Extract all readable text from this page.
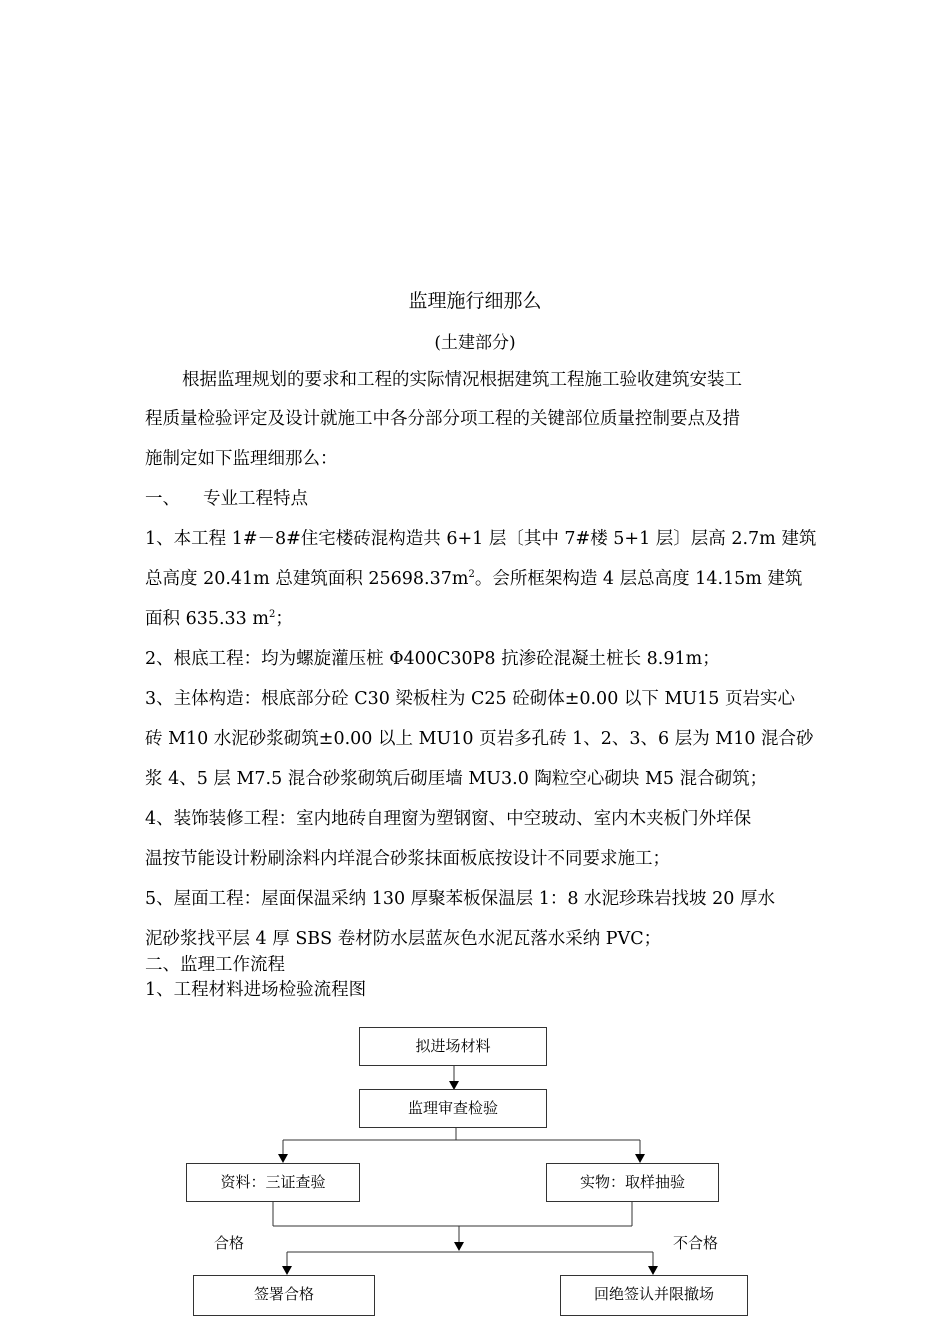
监理施行细那么
(土建部分)
根据监理规划的要求和工程的实际情况根据建筑工程施工验收建筑安装工
程质量检验评定及设计就施工中各分部分项工程的关键部位质量控制要点及措
施制定如下监理细那么：
一、 专业工程特点
1、本工程 1#－8#住宅楼砖混构造共 6+1 层〔其中 7#楼 5+1 层〕层高 2.7m 建筑
总高度 20.41m 总建筑面积 $25698.37m^2$。会所框架构造 4 层总高度 14.15m 建筑
面积 635.33 $m^2$；
2、根底工程：均为螺旋灌压桩 Φ400C30P8 抗渗砼混凝土桩长 8.91m；
3、主体构造：根底部分砼 C30 梁板柱为 C25 砼砌体±0.00 以下 MU15 页岩实心
砖 M10 水泥砂浆砌筑±0.00 以上 MU10 页岩多孔砖 1、2、3、6 层为 M10 混合砂
浆 4、5 层 M7.5 混合砂浆砌筑后砌厓墙 MU3.0 陶粒空心砌块 M5 混合砌筑；
4、装饰装修工程：室内地砖自理窗为塑钢窗、中空玻动、室内木夹板门外垟保
温按节能设计粉刷涂料内垟混合砂浆抹面板底按设计不同要求施工；
5、屋面工程：屋面保温采纳 130 厚聚苯板保温层 1：8 水泥珍珠岩找坡 20 厚水
泥砂浆找平层 4 厚 SBS 卷材防水层蓝灰色水泥瓦落水采纳 PVC；
二、监理工作流程
1、工程材料进场检验流程图
拟进场材料
监理审查检验
资料：三证查验	实物：取样抽验
合格	不合格
签署合格	回绝签认并限撤场
